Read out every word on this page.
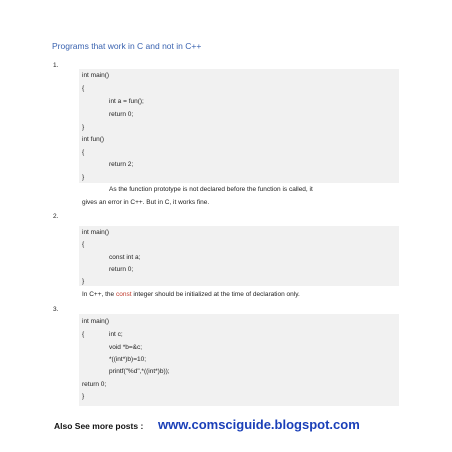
Programs that work in C and not in C++
1.
int main()
{
int a = fun();
return 0;
}
int fun()
{
return 2;
}
As the function prototype is not declared before the function is called, it
gives an error in C++. But in C, it works fine.
2.
int main()
{
const int a;
return 0;
}
In C++, the const integer should be initialized at the time of declaration only.
3.
int main()
{	int c;
void *b=&c;
*((int*)b)=10;
printf("%d",*((int*)b));
return 0;
}
Also See more posts : www.comsciguide.blogspot.com
